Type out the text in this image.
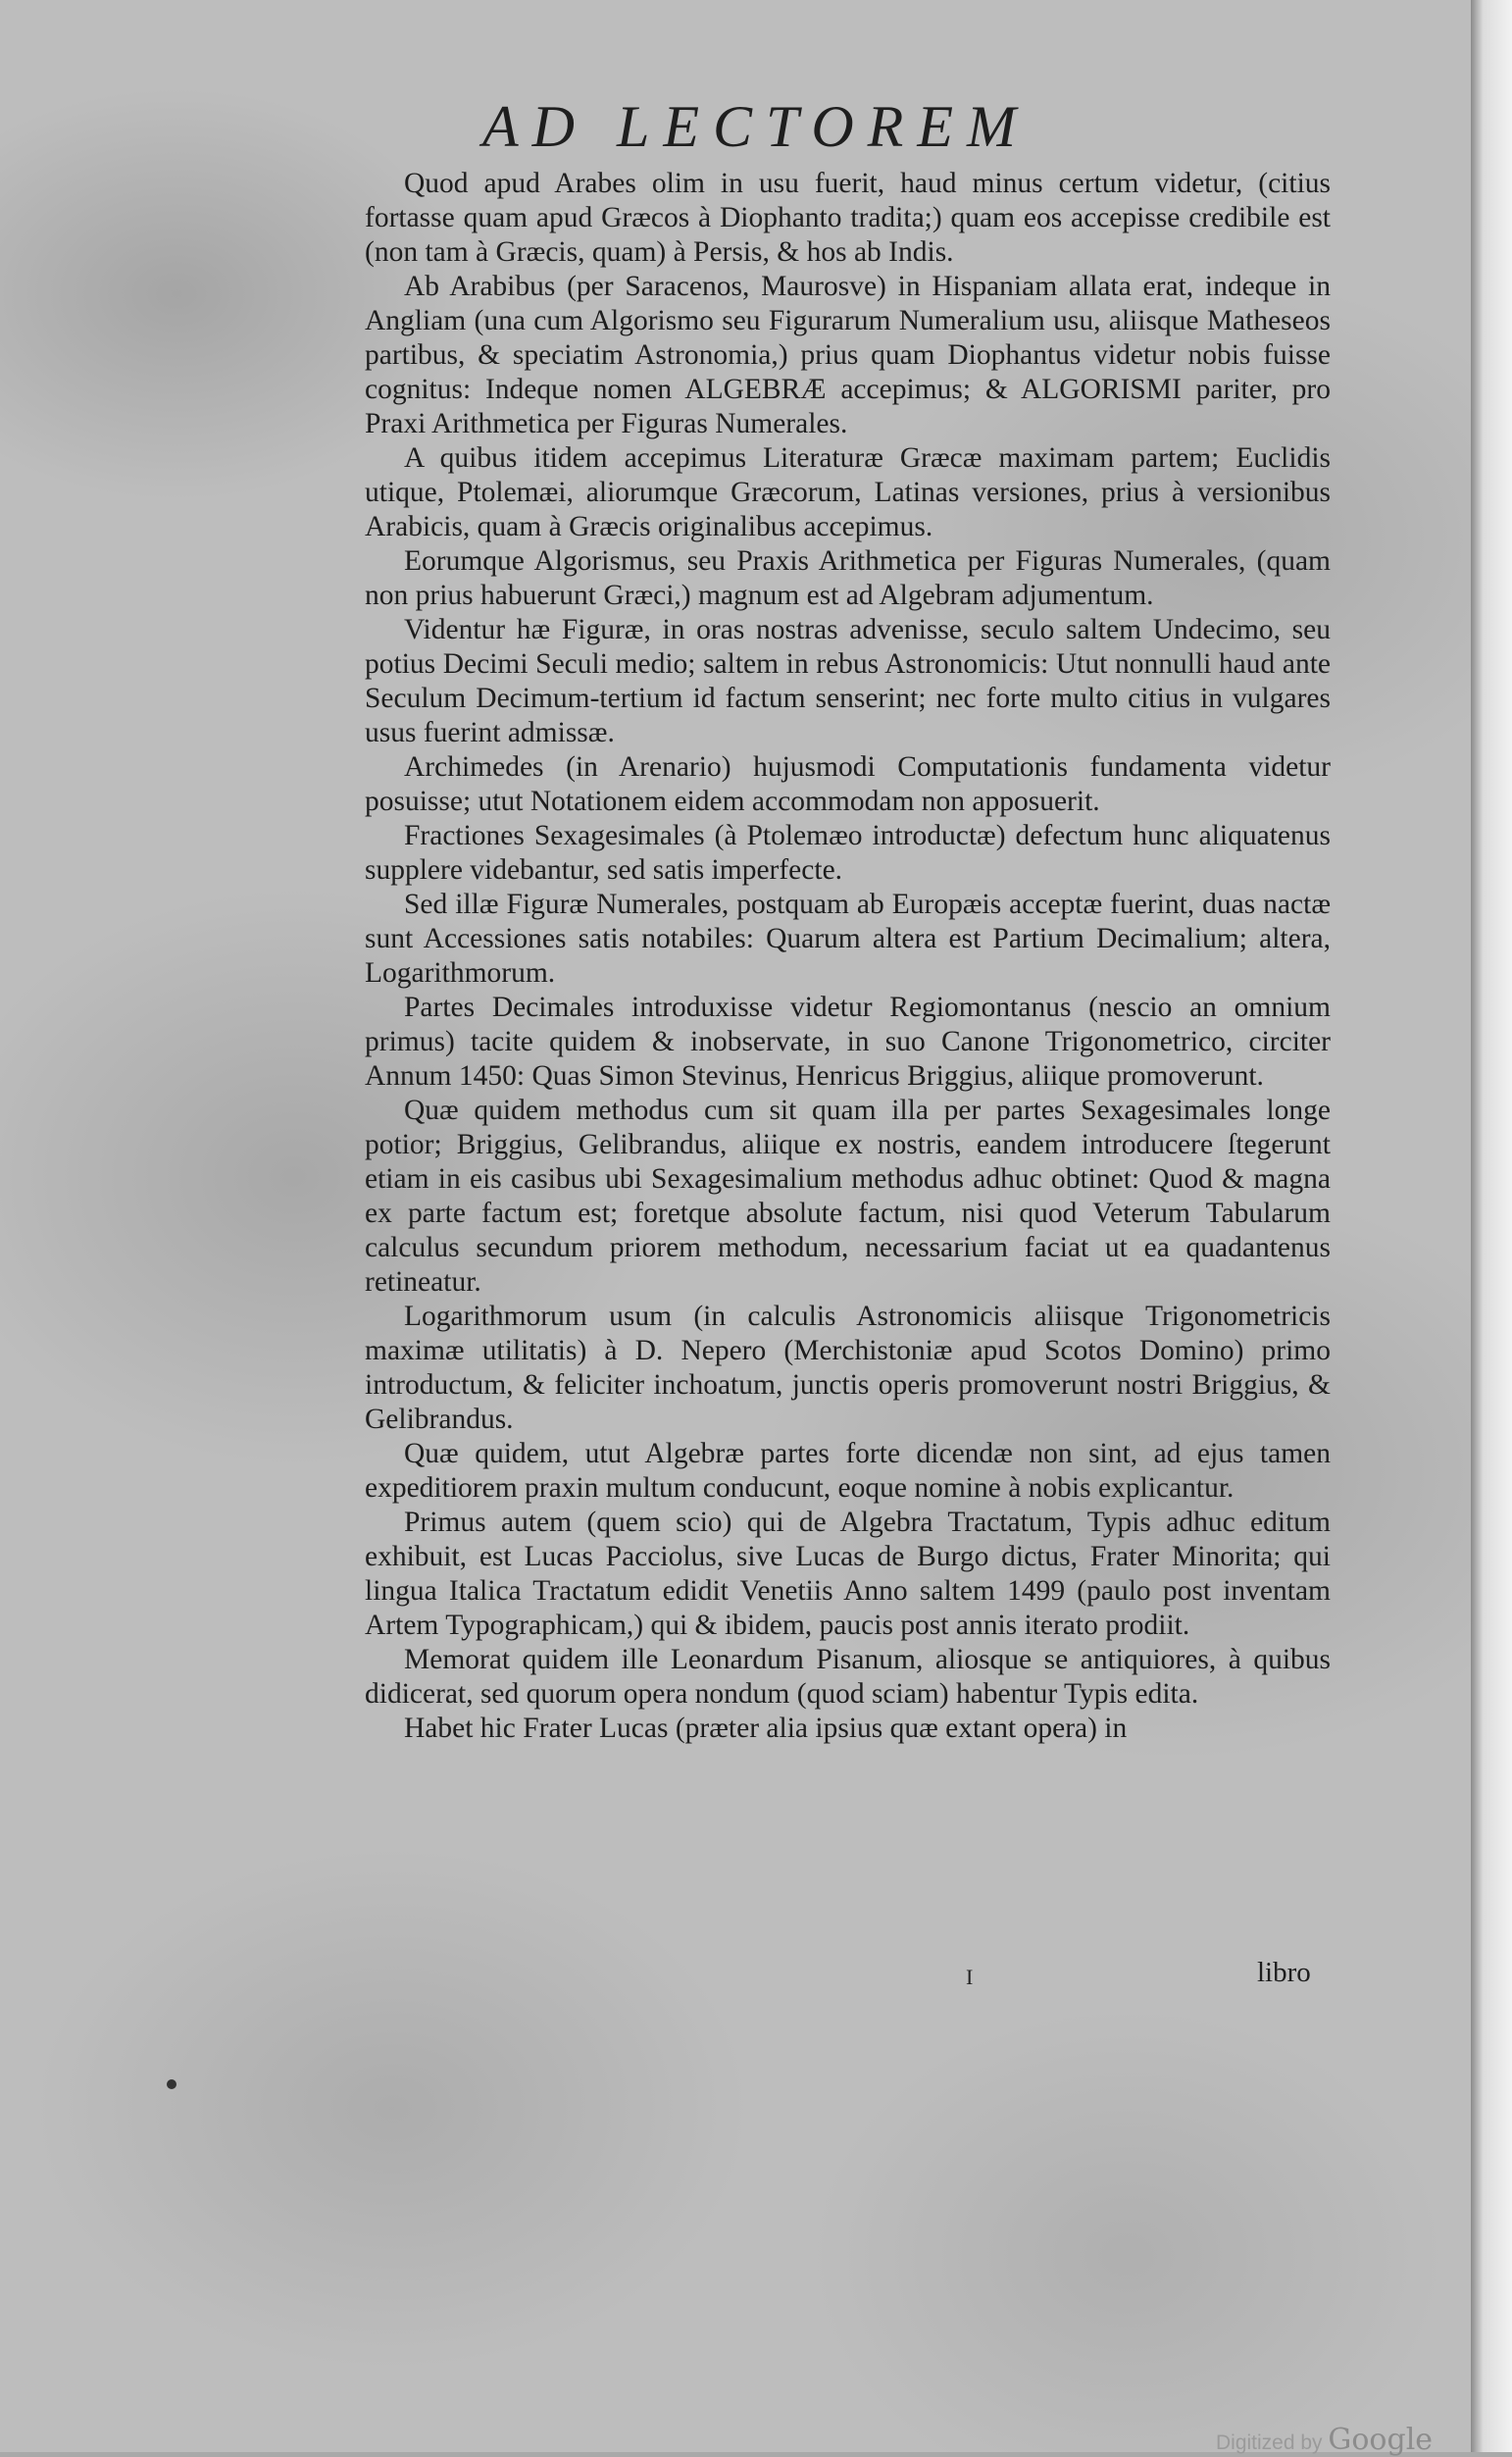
AD LECTOREM

Quod apud Arabes olim in usu fuerit, haud minus certum videtur, (citius fortasse quam apud Græcos à Diophanto tradita;) quam eos accepisse credibile est (non tam à Græcis, quam) à Persis, & hos ab Indis.

Ab Arabibus (per Saracenos, Maurosve) in Hispaniam allata erat, indeque in Angliam (una cum Algorismo seu Figurarum Numeralium usu, aliisque Matheseos partibus, & speciatim Astronomia,) prius quam Diophantus videtur nobis fuisse cognitus: Indeque nomen ALGEBRÆ accepimus; & ALGORISMI pariter, pro Praxi Arithmetica per Figuras Numerales.

A quibus itidem accepimus Literaturæ Græcæ maximam partem; Euclidis utique, Ptolemæi, aliorumque Græcorum, Latinas versiones, prius à versionibus Arabicis, quam à Græcis originalibus accepimus.

Eorumque Algorismus, seu Praxis Arithmetica per Figuras Numerales, (quam non prius habuerunt Græci,) magnum est ad Algebram adjumentum.

Videntur hæ Figuræ, in oras nostras advenisse, seculo saltem Undecimo, seu potius Decimi Seculi medio; saltem in rebus Astronomicis: Utut nonnulli haud ante Seculum Decimum-tertium id factum senserint; nec forte multo citius in vulgares usus fuerint admissæ.

Archimedes (in Arenario) hujusmodi Computationis fundamenta videtur posuisse; utut Notationem eidem accommodam non apposuerit.

Fractiones Sexagesimales (à Ptolemæo introductæ) defectum hunc aliquatenus supplere videbantur, sed satis imperfecte.

Sed illæ Figuræ Numerales, postquam ab Europæis acceptæ fuerint, duas nactæ sunt Accessiones satis notabiles: Quarum altera est Partium Decimalium; altera, Logarithmorum.

Partes Decimales introduxisse videtur Regiomontanus (nescio an omnium primus) tacite quidem & inobservate, in suo Canone Trigonometrico, circiter Annum 1450: Quas Simon Stevinus, Henricus Briggius, aliique promoverunt.

Quæ quidem methodus cum sit quam illa per partes Sexagesimales longe potior; Briggius, Gelibrandus, aliique ex nostris, eandem introducere ſtegerunt etiam in eis casibus ubi Sexagesimalium methodus adhuc obtinet: Quod & magna ex parte factum est; foretque absolute factum, nisi quod Veterum Tabularum calculus secundum priorem methodum, necessarium faciat ut ea quadantenus retineatur.

Logarithmorum usum (in calculis Astronomicis aliisque Trigonometricis maximæ utilitatis) à D. Nepero (Merchistoniæ apud Scotos Domino) primo introductum, & feliciter inchoatum, junctis operis promoverunt nostri Briggius, & Gelibrandus.

Quæ quidem, utut Algebræ partes forte dicendæ non sint, ad ejus tamen expeditiorem praxin multum conducunt, eoque nomine à nobis explicantur.

Primus autem (quem scio) qui de Algebra Tractatum, Typis adhuc editum exhibuit, est Lucas Pacciolus, sive Lucas de Burgo dictus, Frater Minorita; qui lingua Italica Tractatum edidit Venetiis Anno saltem 1499 (paulo post inventam Artem Typographicam,) qui & ibidem, paucis post annis iterato prodiit.

Memorat quidem ille Leonardum Pisanum, aliosque se antiquiores, à quibus didicerat, sed quorum opera nondum (quod sciam) habentur Typis edita.

Habet hic Frater Lucas (præter alia ipsius quæ extant opera) in

I	libro
Digitized by Google
